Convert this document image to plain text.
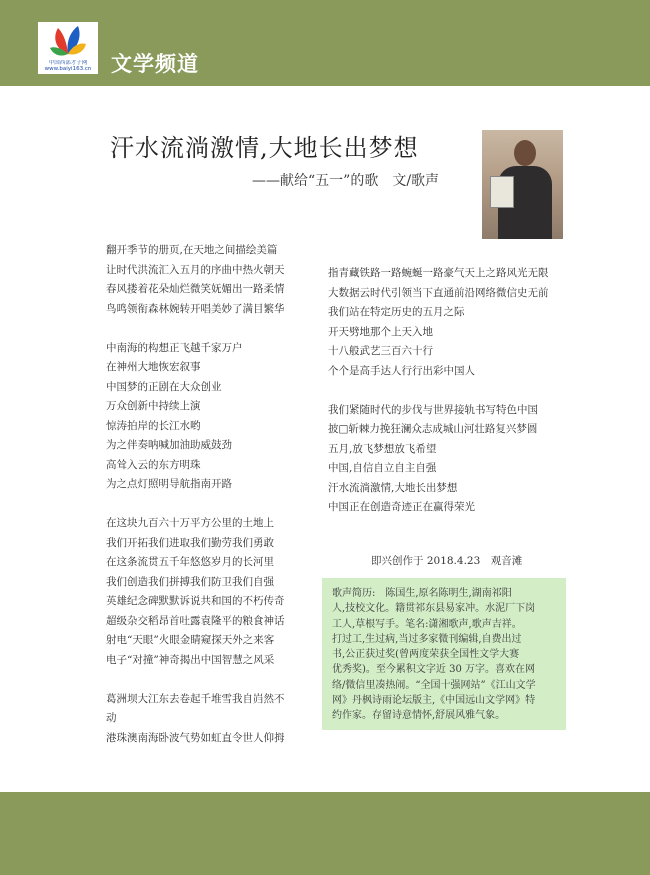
中国西部才子网
www.baiyi163.cn 文学频道
汗水流淌激情,大地长出梦想
——献给“五一”的歌　文/歌声
翻开季节的册页,在天地之间描绘美篇
让时代洪流汇入五月的序曲中热火朝天
春风搂着花朵灿烂微笑妩媚出一路柔情
鸟鸣领衔森林婉转开唱美妙了满目繁华
中南海的构想正飞越千家万户
在神州大地恢宏叙事
中国梦的正剧在大众创业
万众创新中持续上演
惊涛拍岸的长江水哟
为之伴奏呐喊加油助威鼓劲
高耸入云的东方明珠
为之点灯照明导航指南开路
在这块九百六十万平方公里的土地上
我们开拓我们进取我们勤劳我们勇敢
在这条流贯五千年悠悠岁月的长河里
我们创造我们拼搏我们防卫我们自强
英雄纪念碑默默诉说共和国的不朽传奇
超级杂交稻昂首吐露袁隆平的粮食神话
射电“天眼”火眼金睛窥探天外之来客
电子“对撞”神奇揭出中国智慧之风采
葛洲坝大江东去卷起千堆雪我自岿然不
动
港珠澳南海卧波气势如虹直令世人仰拇
指青藏铁路一路蜿蜒一路豪气天上之路风光无限
大数据云时代引领当下直通前沿网络微信史无前
我们站在特定历史的五月之际
开天劈地那个上天入地
十八般武艺三百六十行
个个是高手达人行行出彩中国人
我们紧随时代的步伐与世界接轨书写特色中国
披□斩棘力挽狂澜众志成城山河壮路复兴梦圆
五月,放飞梦想放飞希望
中国,自信自立自主自强
汗水流淌激情,大地长出梦想
中国正在创造奇迹正在赢得荣光
即兴创作于 2018.4.23　观音滩
歌声简历:　陈国生,原名陈明生,湖南祁阳
人,技校文化。籍贯祁东县易家冲。水泥厂下岗
工人,草根写手。笔名:潇湘歌声,歌声吉祥。
打过工,生过病,当过多家微刊编辑,自费出过
书,公正获过奖(曾两度荣获全国性文学大赛
优秀奖)。至今累积文字近 30 万字。喜欢在网
络/微信里凑热闹。“全国十强网站”《江山文学
网》丹枫诗雨论坛版主,《中国远山文学网》特
约作家。存留诗意情怀,舒展风雅气象。
